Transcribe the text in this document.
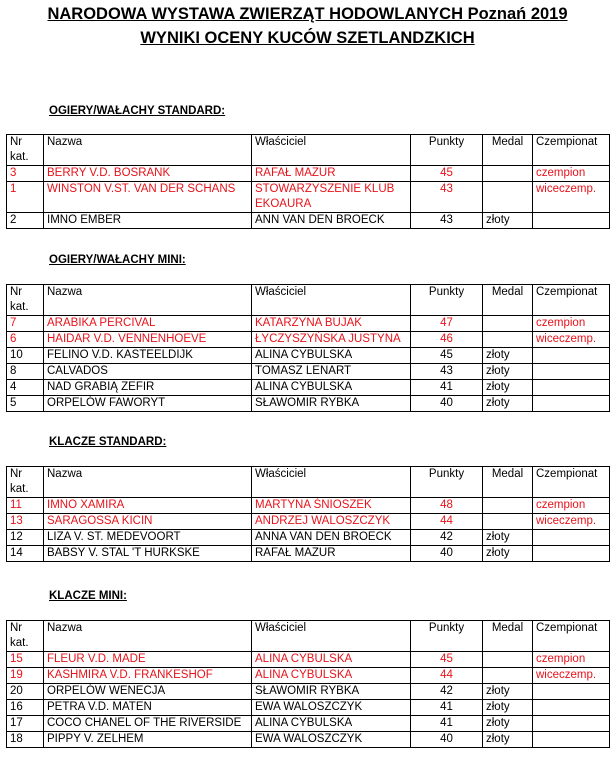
NARODOWA WYSTAWA ZWIERZĄT HODOWLANYCH Poznań 2019
WYNIKI OCENY KUCÓW SZETLANDZKICH
OGIERY/WAŁACHY STANDARD:
Nr kat.	Nazwa	Właściciel	Punkty	Medal	Czempionat
3	BERRY V.D. BOSRANK	RAFAŁ MAZUR	45		czempion
1	WINSTON V.ST. VAN DER SCHANS	STOWARZYSZENIE KLUB EKOAURA	43		wiceczemp.
2	IMNO EMBER	ANN VAN DEN BROECK	43	złoty	
OGIERY/WAŁACHY MINI:
Nr kat.	Nazwa	Właściciel	Punkty	Medal	Czempionat
7	ARABIKA PERCIVAL	KATARZYNA BUJAK	47		czempion
6	HAIDAR V.D. VENNENHOEVE	ŁYCZYSZYŃSKA JUSTYNA	46		wiceczemp.
10	FELINO V.D. KASTEELDIJK	ALINA CYBULSKA	45	złoty	
8	CALVADOS	TOMASZ LENART	43	złoty	
4	NAD GRABIĄ ZEFIR	ALINA CYBULSKA	41	złoty	
5	ORPELÓW FAWORYT	SŁAWOMIR RYBKA	40	złoty	
KLACZE STANDARD:
Nr kat.	Nazwa	Właściciel	Punkty	Medal	Czempionat
11	IMNO XAMIRA	MARTYNA ŚNIOSZEK	48		czempion
13	SARAGOSSA KICIN	ANDRZEJ WALOSZCZYK	44		wiceczemp.
12	LIZA V. ST. MEDEVOORT	ANNA VAN DEN BROECK	42	złoty	
14	BABSY V. STAL 'T HURKSKE	RAFAŁ MAZUR	40	złoty	
KLACZE MINI:
Nr kat.	Nazwa	Właściciel	Punkty	Medal	Czempionat
15	FLEUR V.D. MADE	ALINA CYBULSKA	45		czempion
19	KASHMIRA V.D. FRANKESHOF	ALINA CYBULSKA	44		wiceczemp.
20	ORPELÓW WENECJA	SŁAWOMIR RYBKA	42	złoty	
16	PETRA V.D. MATEN	EWA WALOSZCZYK	41	złoty	
17	COCO CHANEL OF THE RIVERSIDE	ALINA CYBULSKA	41	złoty	
18	PIPPY V. ZELHEM	EWA WALOSZCZYK	40	złoty	
